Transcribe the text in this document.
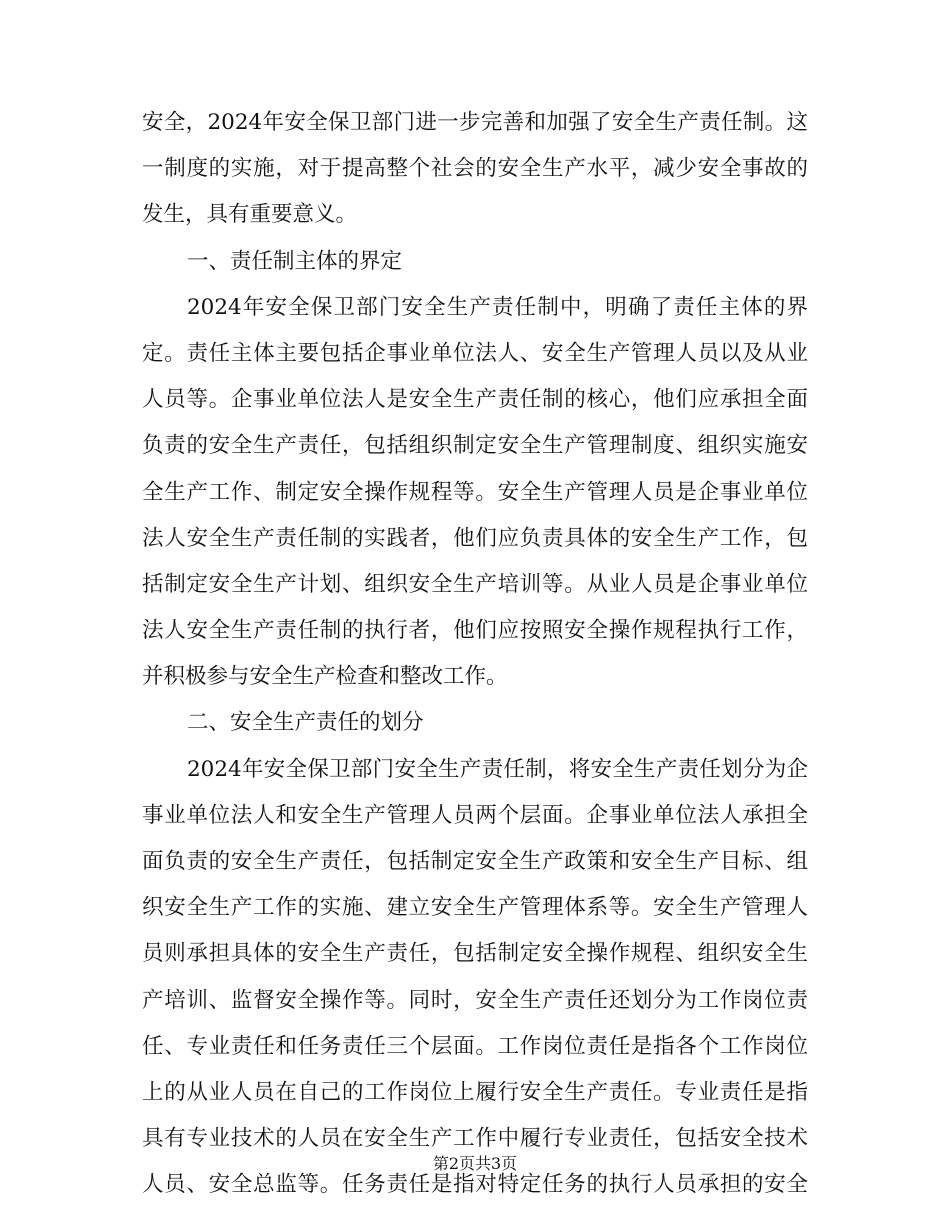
安全，2024年安全保卫部门进一步完善和加强了安全生产责任制。这
一制度的实施，对于提高整个社会的安全生产水平，减少安全事故的
发生，具有重要意义。
一、责任制主体的界定
2024年安全保卫部门安全生产责任制中，明确了责任主体的界
定。责任主体主要包括企事业单位法人、安全生产管理人员以及从业
人员等。企事业单位法人是安全生产责任制的核心，他们应承担全面
负责的安全生产责任，包括组织制定安全生产管理制度、组织实施安
全生产工作、制定安全操作规程等。安全生产管理人员是企事业单位
法人安全生产责任制的实践者，他们应负责具体的安全生产工作，包
括制定安全生产计划、组织安全生产培训等。从业人员是企事业单位
法人安全生产责任制的执行者，他们应按照安全操作规程执行工作，
并积极参与安全生产检查和整改工作。
二、安全生产责任的划分
2024年安全保卫部门安全生产责任制，将安全生产责任划分为企
事业单位法人和安全生产管理人员两个层面。企事业单位法人承担全
面负责的安全生产责任，包括制定安全生产政策和安全生产目标、组
织安全生产工作的实施、建立安全生产管理体系等。安全生产管理人
员则承担具体的安全生产责任，包括制定安全操作规程、组织安全生
产培训、监督安全操作等。同时，安全生产责任还划分为工作岗位责
任、专业责任和任务责任三个层面。工作岗位责任是指各个工作岗位
上的从业人员在自己的工作岗位上履行安全生产责任。专业责任是指
具有专业技术的人员在安全生产工作中履行专业责任，包括安全技术
人员、安全总监等。任务责任是指对特定任务的执行人员承担的安全
第2页共3页
